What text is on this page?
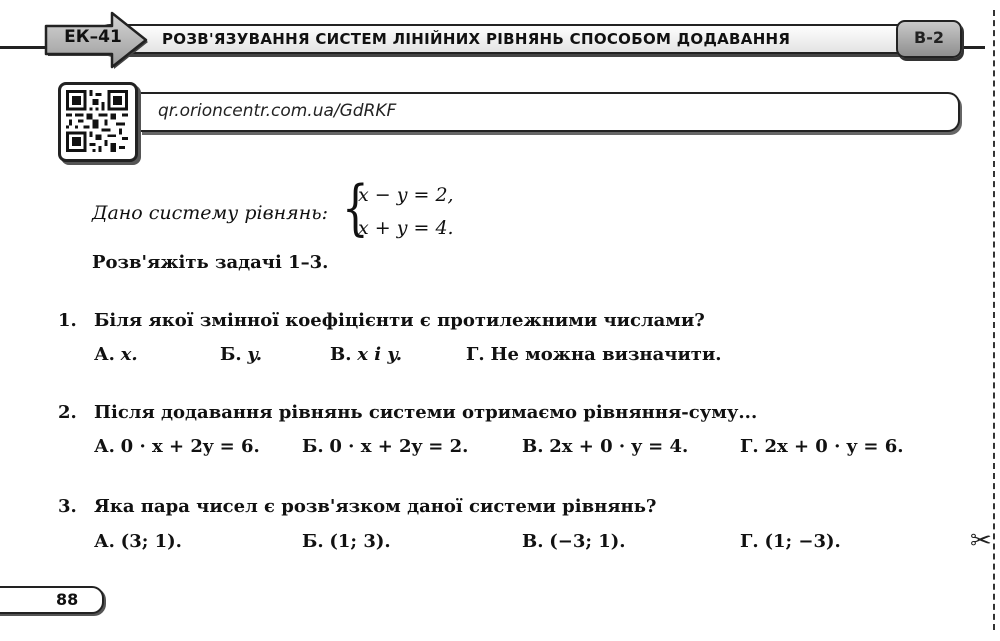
РОЗВ'ЯЗУВАННЯ СИСТЕМ ЛІНІЙНИХ РІВНЯНЬ СПОСОБОМ ДОДАВАННЯ
ЕК–41	В-2
qr.orioncentr.com.ua/GdRKF
Дано систему рівнянь: {
x − y = 2,
x + y = 4.
Розв'яжіть задачі 1–3.
1. Біля якої змінної коефіцієнти є протилежними числами?
А. x.	Б. y.	В. x і y.	Г. Не можна визначити.
2. Після додавання рівнянь системи отримаємо рівняння-суму...
А. 0 · x + 2y = 6. Б. 0 · x + 2y = 2.	В. 2x + 0 · y = 4.	Г. 2x + 0 · y = 6.
3. Яка пара чисел є розв'язком даної системи рівнянь?
А. (3; 1).	Б. (1; 3).	В. (−3; 1).	Г. (1; −3).
88
✂
